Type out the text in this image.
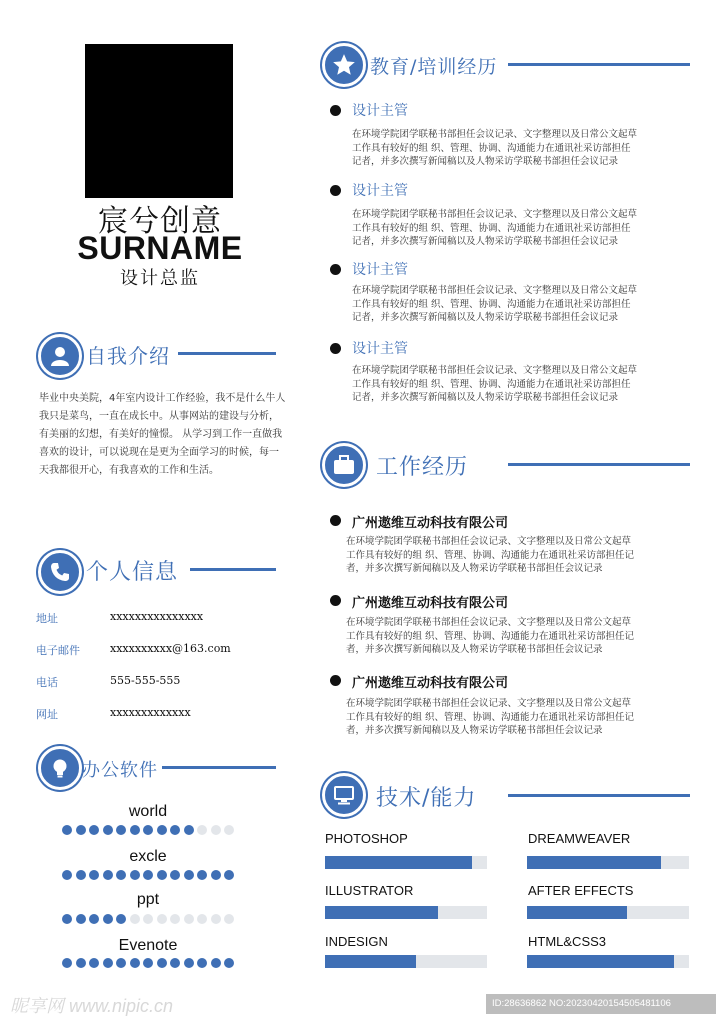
宸兮创意
SURNAME
设计总监
自我介绍
毕业中央美院，4年室内设计工作经验，我不是什么牛人
我只是菜鸟，一直在成长中。从事网站的建设与分析，
有美丽的幻想，有美好的憧憬。 从学习到工作一直做我
喜欢的设计，可以说现在是更为全面学习的时候，每一
天我都很开心，有我喜欢的工作和生活。
个人信息
地址	xxxxxxxxxxxxxxx
电子邮件	xxxxxxxxxx@163.com
电话	555-555-555
网址	xxxxxxxxxxxxx
办公软件
world
excle
ppt
Evenote
教育/培训经历
设计主管
在环境学院团学联秘书部担任会议记录、文字整理以及日常公文起草
工作具有较好的组 织、管理、协调、沟通能力在通讯社采访部担任
记者，并多次撰写新闻稿以及人物采访学联秘书部担任会议记录
设计主管
在环境学院团学联秘书部担任会议记录、文字整理以及日常公文起草
工作具有较好的组 织、管理、协调、沟通能力在通讯社采访部担任
记者，并多次撰写新闻稿以及人物采访学联秘书部担任会议记录
设计主管
在环境学院团学联秘书部担任会议记录、文字整理以及日常公文起草
工作具有较好的组 织、管理、协调、沟通能力在通讯社采访部担任
记者，并多次撰写新闻稿以及人物采访学联秘书部担任会议记录
设计主管
在环境学院团学联秘书部担任会议记录、文字整理以及日常公文起草
工作具有较好的组 织、管理、协调、沟通能力在通讯社采访部担任
记者，并多次撰写新闻稿以及人物采访学联秘书部担任会议记录
工作经历
广州遨维互动科技有限公司
在环境学院团学联秘书部担任会议记录、文字整理以及日常公文起草
工作具有较好的组 织、管理、协调、沟通能力在通讯社采访部担任记
者，并多次撰写新闻稿以及人物采访学联秘书部担任会议记录
广州遨维互动科技有限公司
在环境学院团学联秘书部担任会议记录、文字整理以及日常公文起草
工作具有较好的组 织、管理、协调、沟通能力在通讯社采访部担任记
者，并多次撰写新闻稿以及人物采访学联秘书部担任会议记录
广州遨维互动科技有限公司
在环境学院团学联秘书部担任会议记录、文字整理以及日常公文起草
工作具有较好的组 织、管理、协调、沟通能力在通讯社采访部担任记
者，并多次撰写新闻稿以及人物采访学联秘书部担任会议记录
技术/能力
PHOTOSHOP	DREAMWEAVER
ILLUSTRATOR	AFTER EFFECTS
INDESIGN	HTML&CSS3
昵享网 www.nipic.cn	ID:28636862 NO:20230420154505481106
